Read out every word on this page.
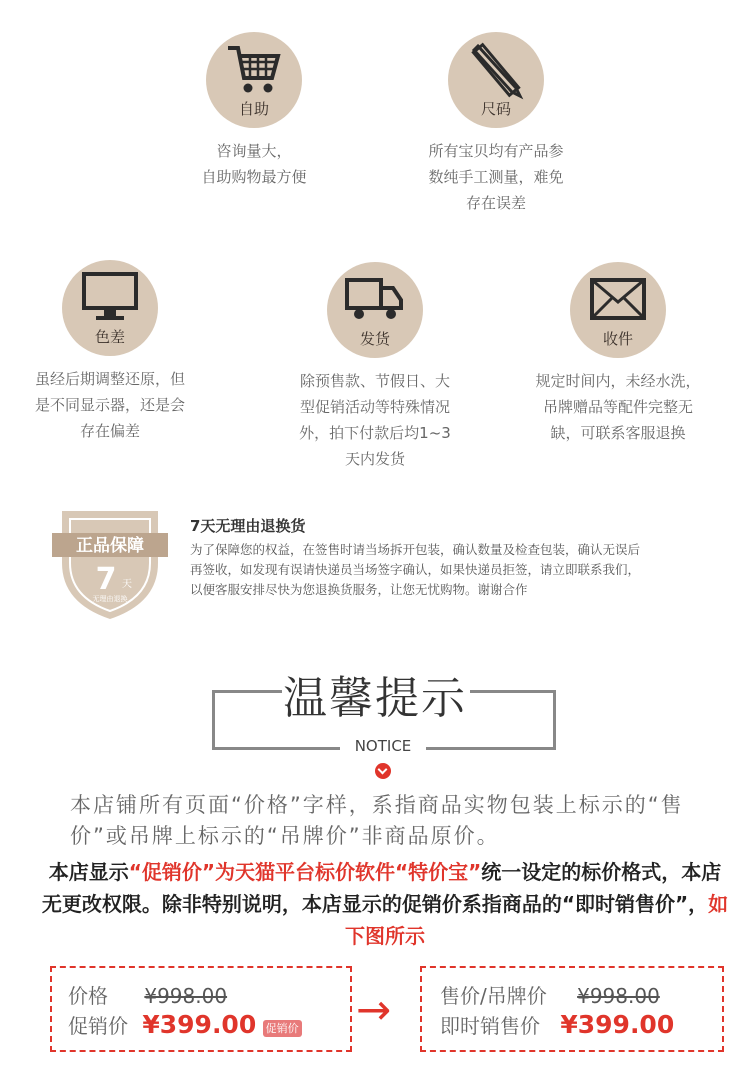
自助
咨询量大，
自助购物最方便
尺码
所有宝贝均有产品参
数纯手工测量，难免
存在误差
色差
虽经后期调整还原，但
是不同显示器，还是会
存在偏差
发货
除预售款、节假日、大
型促销活动等特殊情况
外，拍下付款后均1~3
天内发货
收件
规定时间内，未经水洗，
吊牌赠品等配件完整无
缺，可联系客服退换
正品保障
7 天
无理由退换
7天无理由退换货
为了保障您的权益，在签售时请当场拆开包装，确认数量及检查包装，确认无误后
再签收，如发现有误请快递员当场签字确认，如果快递员拒签，请立即联系我们，
以便客服安排尽快为您退换货服务，让您无忧购物。谢谢合作
温馨提示
NOTICE
本店铺所有页面“价格”字样，系指商品实物包装上标示的“售价”或吊牌上标示的“吊牌价”非商品原价。
本店显示“促销价”为天猫平台标价软件“特价宝”统一设定的标价格式，本店无更改权限。除非特别说明，本店显示的促销价系指商品的“即时销售价”，如下图所示
价格 ¥998.00
促销价 ¥399.00 促销价 → 售价/吊牌价 ¥998.00
即时销售价 ¥399.00
